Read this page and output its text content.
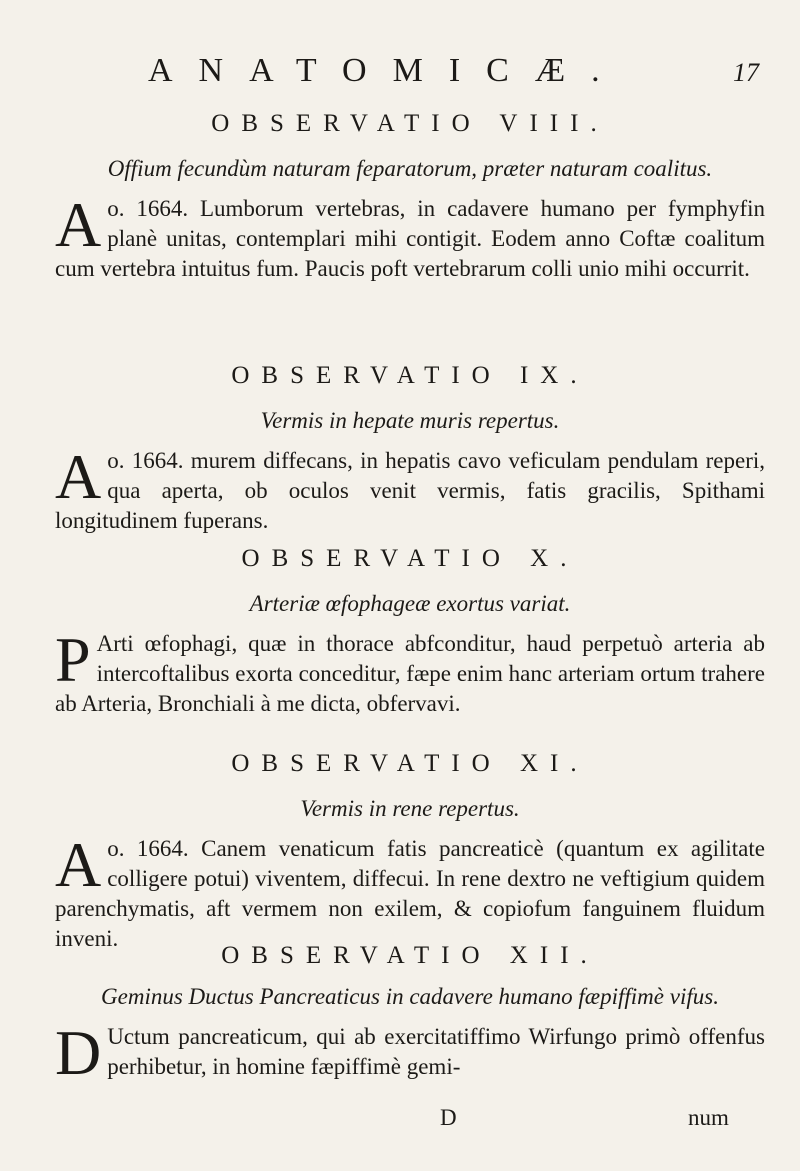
ANATOMICÆ.	17

OBSERVATIO VIII.

Offium fecundùm naturam feparatorum, præter naturam coalitus.

Ao. 1664. Lumborum vertebras, in cadavere humano per fymphyfin planè unitas, contemplari mihi contigit. Eodem anno Coftæ coalitum cum vertebra intuitus fum. Paucis poft vertebrarum colli unio mihi occurrit.

OBSERVATIO IX.

Vermis in hepate muris repertus.

Ao. 1664. murem diffecans, in hepatis cavo veficulam pendulam reperi, qua aperta, ob oculos venit vermis, fatis gracilis, Spithami longitudinem fuperans.

OBSERVATIO X.

Arteriæ œfophageæ exortus variat.

P Arti œfophagi, quæ in thorace abfconditur, haud perpetuò arteria ab intercoftalibus exorta conceditur, fæpe enim hanc arteriam ortum trahere ab Arteria, Bronchiali à me dicta, obfervavi.

OBSERVATIO XI.

Vermis in rene repertus.

Ao. 1664. Canem venaticum fatis pancreaticè (quantum ex agilitate colligere potui) viventem, diffecui. In rene dextro ne veftigium quidem parenchymatis, aft vermem non exilem, & copiofum fanguinem fluidum inveni.

OBSERVATIO XII.

Geminus Ductus Pancreaticus in cadavere humano fæpiffimè vifus.

D Uctum pancreaticum, qui ab exercitatiffimo Wirfungo primò offenfus perhibetur, in homine fæpiffimè gemi-

D	num
